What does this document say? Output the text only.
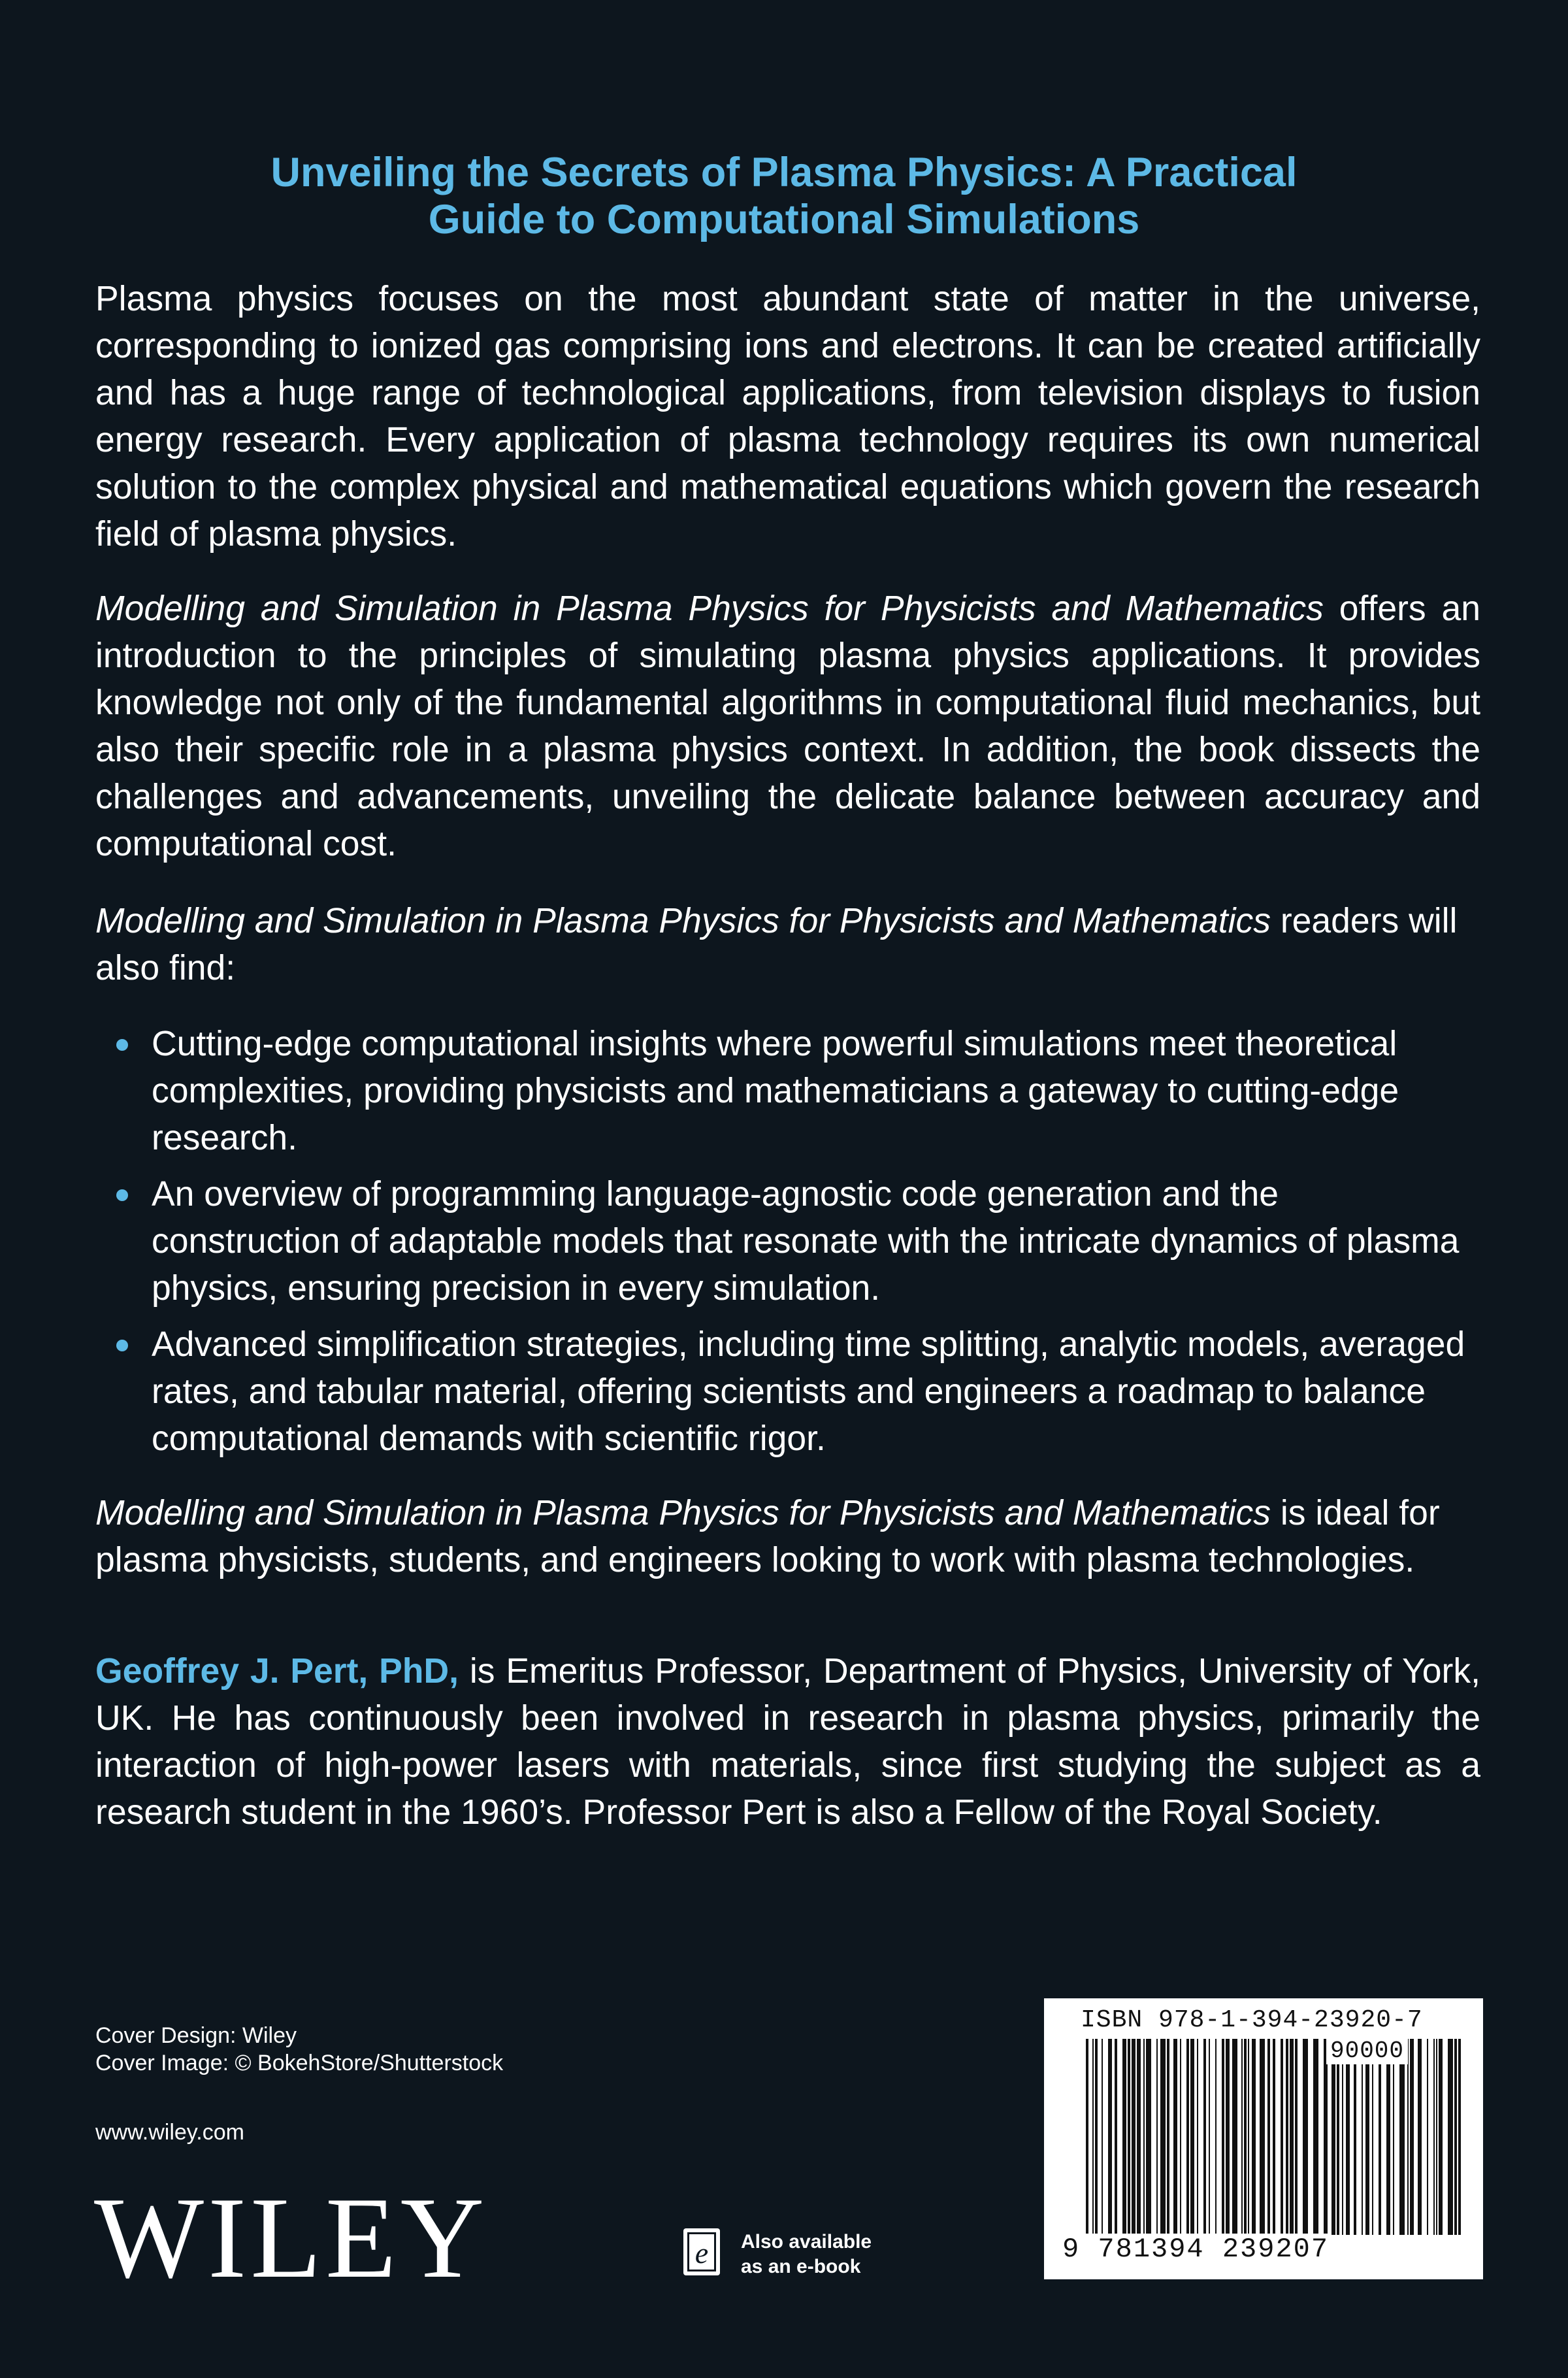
Unveiling the Secrets of Plasma Physics: A Practical
Guide to Computational Simulations

Plasma physics focuses on the most abundant state of matter in the universe, corresponding to ionized gas comprising ions and electrons. It can be created artificially and has a huge range of technological applications, from television displays to fusion energy research. Every application of plasma technology requires its own numerical solution to the complex physical and mathematical equations which govern the research field of plasma physics.

Modelling and Simulation in Plasma Physics for Physicists and Mathematics offers an introduction to the principles of simulating plasma physics applications. It provides knowledge not only of the fundamental algorithms in computational fluid mechanics, but also their specific role in a plasma physics context. In addition, the book dissects the challenges and advancements, unveiling the delicate balance between accuracy and computational cost.

Modelling and Simulation in Plasma Physics for Physicists and Mathematics readers will also find:

Cutting-edge computational insights where powerful simulations meet theoretical complexities, providing physicists and mathematicians a gateway to cutting-edge research.
An overview of programming language-agnostic code generation and the construction of adaptable models that resonate with the intricate dynamics of plasma physics, ensuring precision in every simulation.
Advanced simplification strategies, including time splitting, analytic models, averaged rates, and tabular material, offering scientists and engineers a roadmap to balance computational demands with scientific rigor.

Modelling and Simulation in Plasma Physics for Physicists and Mathematics is ideal for plasma physicists, students, and engineers looking to work with plasma technologies.

Geoffrey J. Pert, PhD, is Emeritus Professor, Department of Physics, University of York, UK. He has continuously been involved in research in plasma physics, primarily the interaction of high-power lasers with materials, since first studying the subject as a research student in the 1960’s. Professor Pert is also a Fellow of the Royal Society.

Cover Design: Wiley
Cover Image: © BokehStore/Shutterstock
www.wiley.com
WILEY	e Also available
as an e-book
ISBN 978-1-394-23920-7
90000
9 781394 239207
